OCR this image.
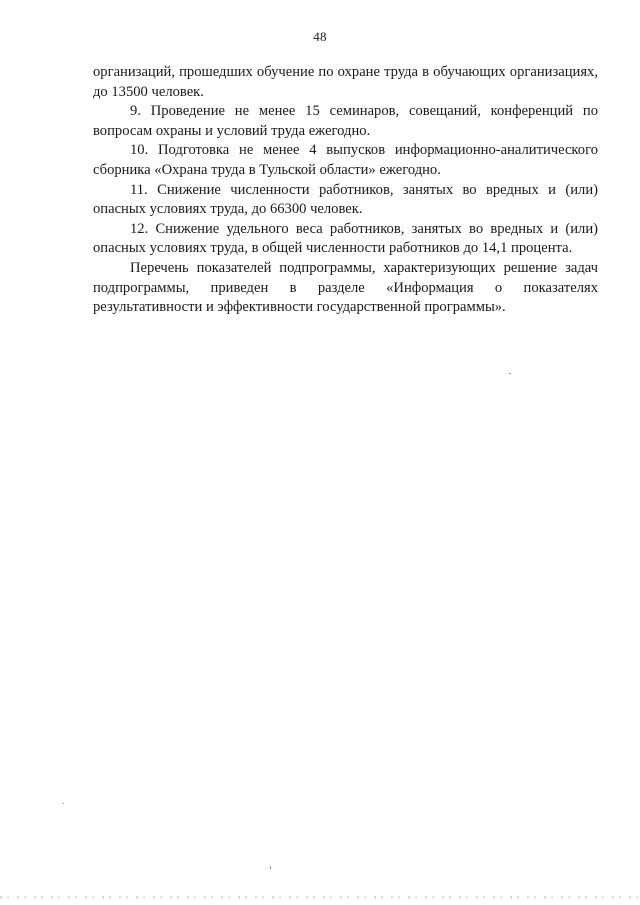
48

организаций, прошедших обучение по охране труда в обучающих организациях, до 13500 человек.

9. Проведение не менее 15 семинаров, совещаний, конференций по вопросам охраны и условий труда ежегодно.

10. Подготовка не менее 4 выпусков информационно-аналитического сборника «Охрана труда в Тульской области» ежегодно.

11. Снижение численности работников, занятых во вредных и (или) опасных условиях труда, до 66300 человек.

12. Снижение удельного веса работников, занятых во вредных и (или) опасных условиях труда, в общей численности работников до 14,1 процента.

Перечень показателей подпрограммы, характеризующих решение задач подпрограммы, приведен в разделе «Информация о показателях результативности и эффективности государственной программы».
